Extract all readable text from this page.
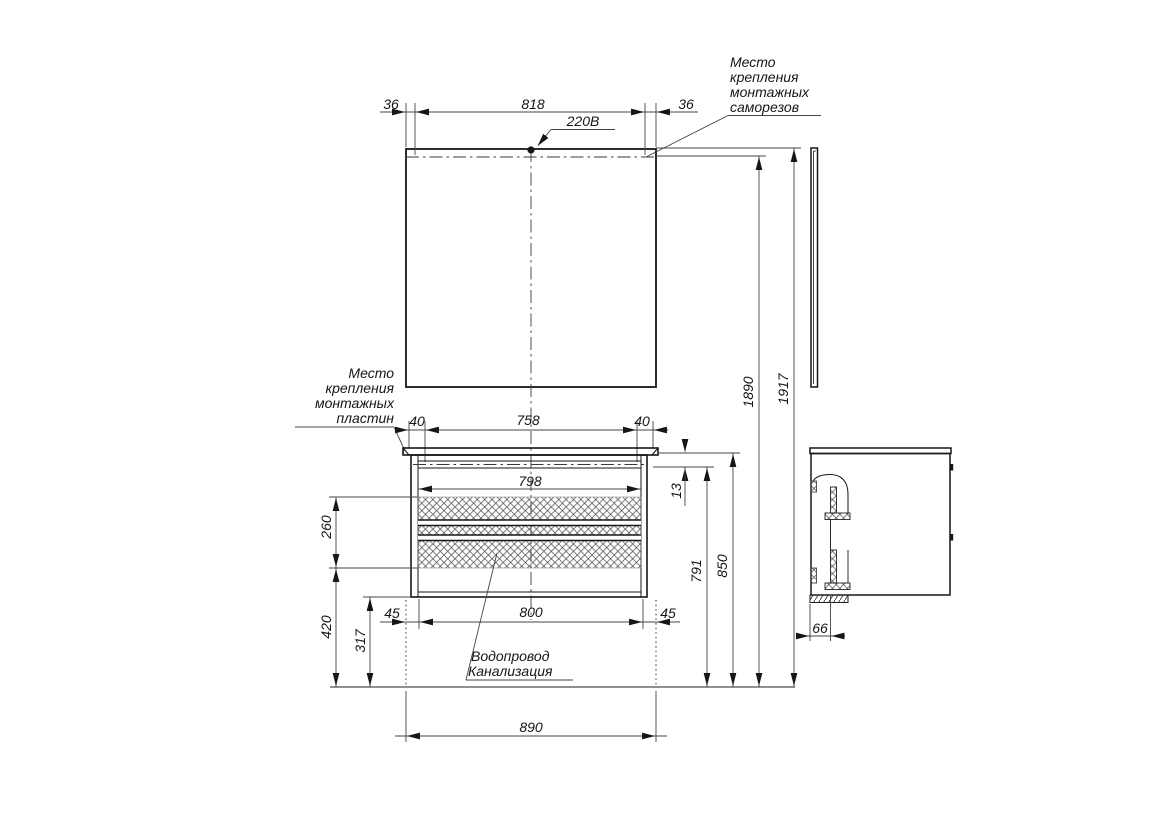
36	818	36
220В
Место
крепления
монтажных
саморезов
Место
крепления
монтажных
пластин 40	758	40
798
260
420
317
45	800	45
Водопровод
Канализация
890
13
791 850
1890 1917
66
